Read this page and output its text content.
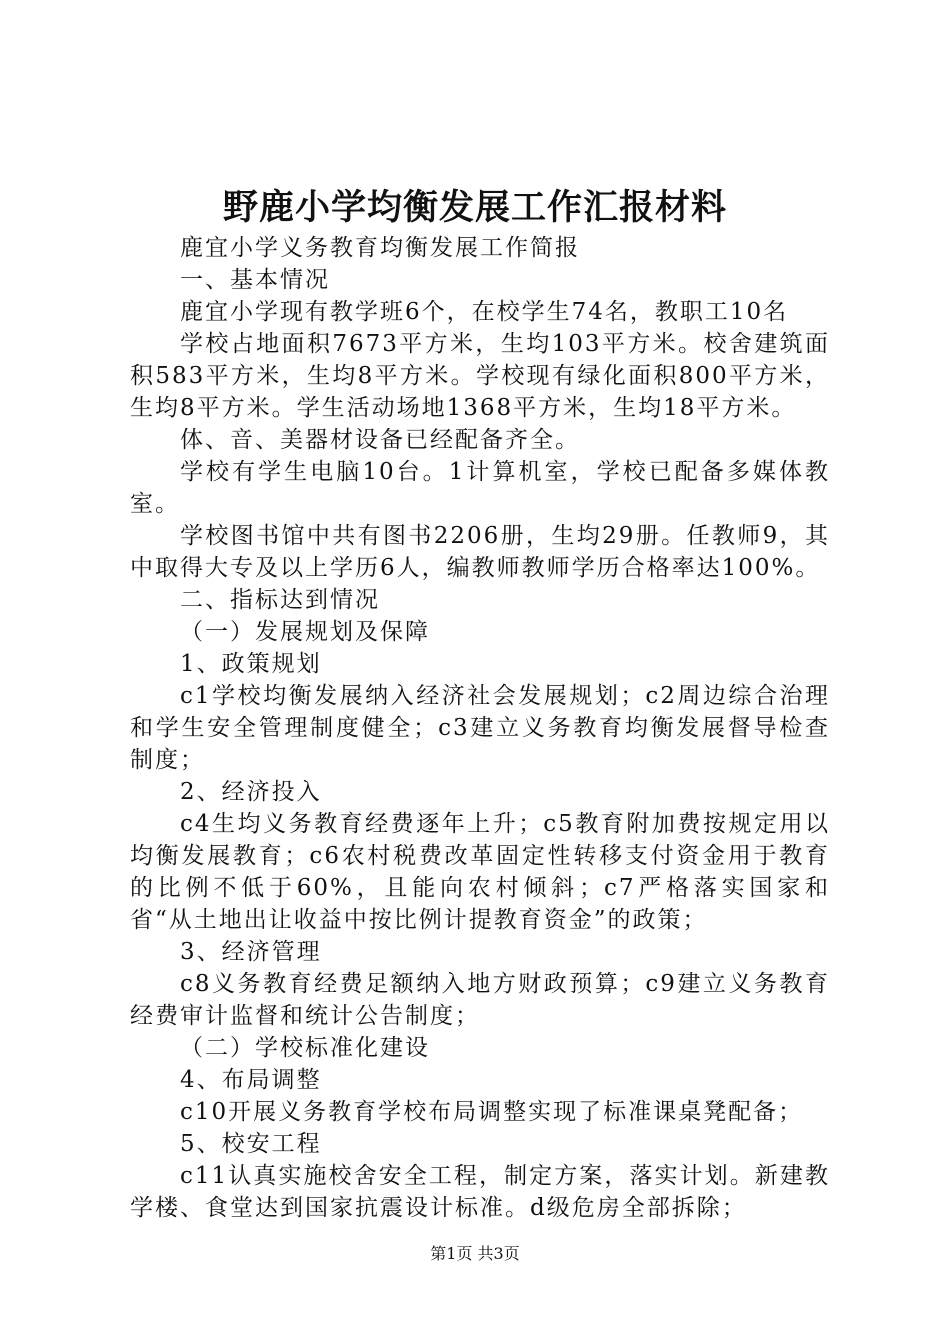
野鹿小学均衡发展工作汇报材料

鹿宜小学义务教育均衡发展工作简报

一、基本情况

鹿宜小学现有教学班6个，在校学生74名，教职工10名

学校占地面积7673平方米，生均103平方米。校舍建筑面积583平方米，生均8平方米。学校现有绿化面积800平方米，生均8平方米。学生活动场地1368平方米，生均18平方米。

体、音、美器材设备已经配备齐全。

学校有学生电脑10台。1计算机室，学校已配备多媒体教室。

学校图书馆中共有图书2206册，生均29册。任教师9，其中取得大专及以上学历6人，编教师教师学历合格率达100%。

二、指标达到情况

（一）发展规划及保障

1、政策规划

c1学校均衡发展纳入经济社会发展规划；c2周边综合治理和学生安全管理制度健全；c3建立义务教育均衡发展督导检查制度；

2、经济投入

c4生均义务教育经费逐年上升；c5教育附加费按规定用以均衡发展教育；c6农村税费改革固定性转移支付资金用于教育的比例不低于60%，且能向农村倾斜；c7严格落实国家和省“从土地出让收益中按比例计提教育资金”的政策；

3、经济管理

c8义务教育经费足额纳入地方财政预算；c9建立义务教育经费审计监督和统计公告制度；

（二）学校标准化建设

4、布局调整

c10开展义务教育学校布局调整实现了标准课桌凳配备；

5、校安工程

c11认真实施校舍安全工程，制定方案，落实计划。新建教学楼、食堂达到国家抗震设计标准。d级危房全部拆除；

第1页 共3页
